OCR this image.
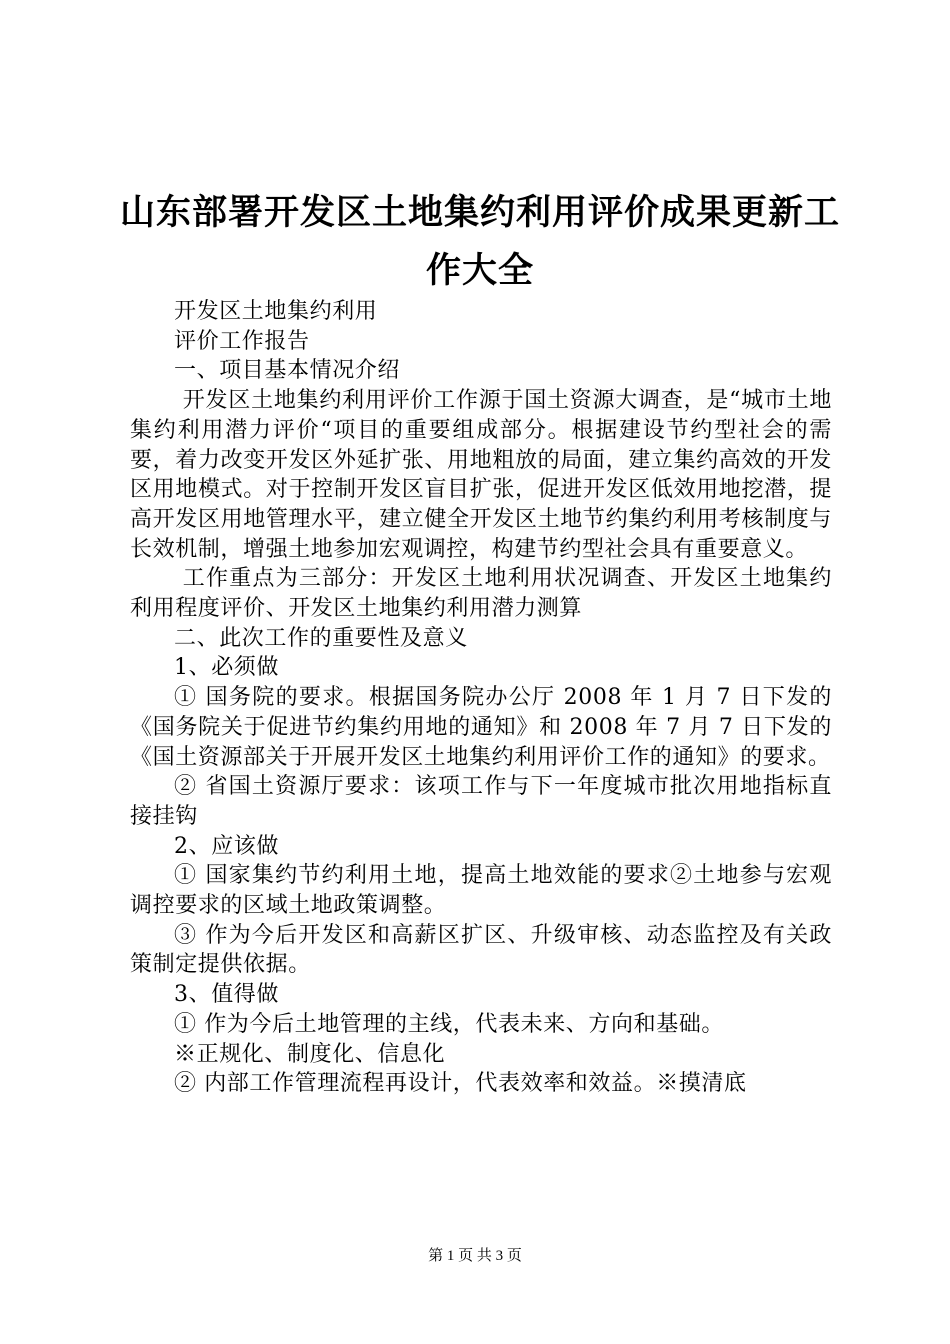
山东部署开发区土地集约利用评价成果更新工作大全

开发区土地集约利用

评价工作报告

一、项目基本情况介绍

开发区土地集约利用评价工作源于国土资源大调查，是“城市土地集约利用潜力评价“项目的重要组成部分。根据建设节约型社会的需要，着力改变开发区外延扩张、用地粗放的局面，建立集约高效的开发区用地模式。对于控制开发区盲目扩张，促进开发区低效用地挖潜，提高开发区用地管理水平，建立健全开发区土地节约集约利用考核制度与长效机制，增强土地参加宏观调控，构建节约型社会具有重要意义。

工作重点为三部分：开发区土地利用状况调查、开发区土地集约利用程度评价、开发区土地集约利用潜力测算

二、此次工作的重要性及意义

1、必须做

① 国务院的要求。根据国务院办公厅 2008 年 1 月 7 日下发的《国务院关于促进节约集约用地的通知》和 2008 年 7 月 7 日下发的《国土资源部关于开展开发区土地集约利用评价工作的通知》的要求。

② 省国土资源厅要求：该项工作与下一年度城市批次用地指标直接挂钩

2、应该做

① 国家集约节约利用土地，提高土地效能的要求②土地参与宏观调控要求的区域土地政策调整。

③ 作为今后开发区和高薪区扩区、升级审核、动态监控及有关政策制定提供依据。

3、值得做

① 作为今后土地管理的主线，代表未来、方向和基础。

※正规化、制度化、信息化

② 内部工作管理流程再设计，代表效率和效益。※摸清底

第 1 页 共 3 页
